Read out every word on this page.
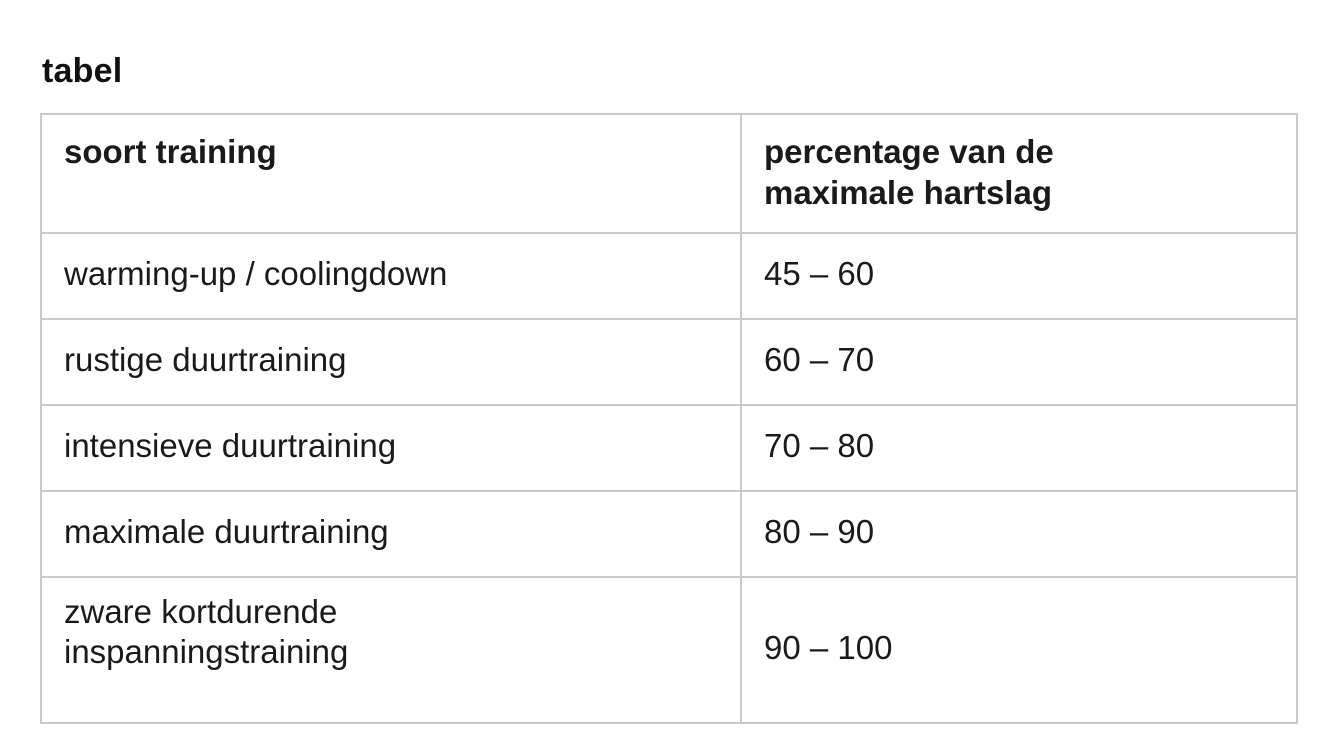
tabel
soort training	percentage van de
maximale hartslag

warming-up / coolingdown	45 – 60

rustige duurtraining	60 – 70

intensieve duurtraining	70 – 80

maximale duurtraining	80 – 90

zware kortdurende
inspanningstraining	90 – 100
